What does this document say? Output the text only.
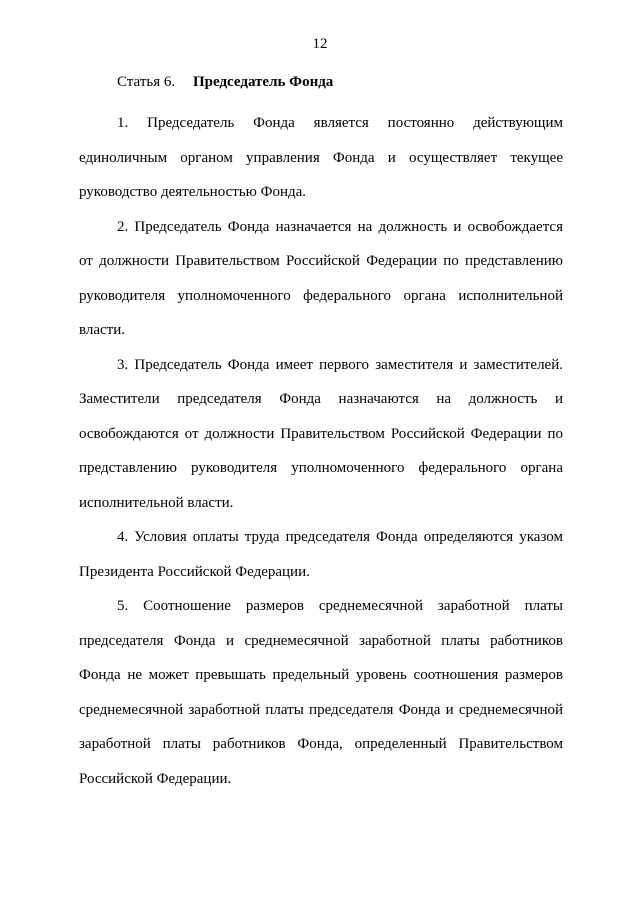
12

Статья 6. Председатель Фонда

1. Председатель Фонда является постоянно действующим единоличным органом управления Фонда и осуществляет текущее руководство деятельностью Фонда.

2. Председатель Фонда назначается на должность и освобождается от должности Правительством Российской Федерации по представлению руководителя уполномоченного федерального органа исполнительной власти.

3. Председатель Фонда имеет первого заместителя и заместителей. Заместители председателя Фонда назначаются на должность и освобождаются от должности Правительством Российской Федерации по представлению руководителя уполномоченного федерального органа исполнительной власти.

4. Условия оплаты труда председателя Фонда определяются указом Президента Российской Федерации.

5. Соотношение размеров среднемесячной заработной платы председателя Фонда и среднемесячной заработной платы работников Фонда не может превышать предельный уровень соотношения размеров среднемесячной заработной платы председателя Фонда и среднемесячной заработной платы работников Фонда, определенный Правительством Российской Федерации.
